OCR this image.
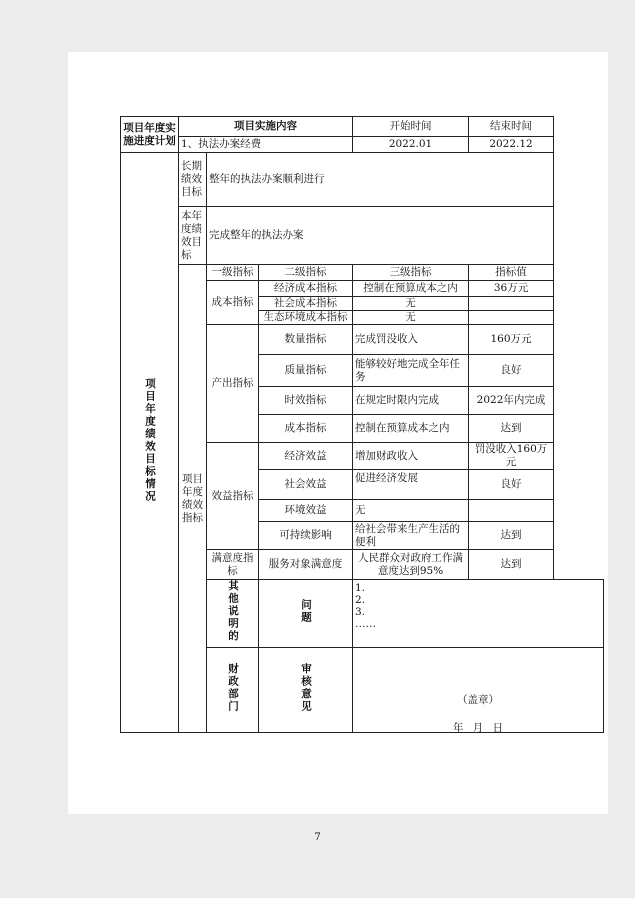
项目年度实施进度计划	项目实施内容			开始时间	结束时间
	1、执法办案经费			2022.01	2022.12
项目年度绩效目标情况	长期绩效目标	整年的执法办案顺利进行			
	本年度绩效目标	完成整年的执法办案			
	项目年度绩效指标	一级指标	二级指标	三级指标	指标值
		成本指标	经济成本指标	控制在预算成本之内	36万元
			社会成本指标	无	
			生态环境成本指标	无	
		产出指标	数量指标	完成罚没收入	160万元
			质量指标	能够较好地完成全年任务	良好
			时效指标	在规定时限内完成	2022年内完成
			成本指标	控制在预算成本之内	达到
		效益指标	经济效益	增加财政收入	罚没收入160万元
			社会效益	促进经济发展	良好
			环境效益	无	
			可持续影响	给社会带来生产生活的便利	达到
		满意度指标	服务对象满意度	人民群众对政府工作满意度达到95%	达到
		其他说明的	问题	1.
2.
3.
……	

		财政部门	审核意见	（盖章）
年 月 日	
7
